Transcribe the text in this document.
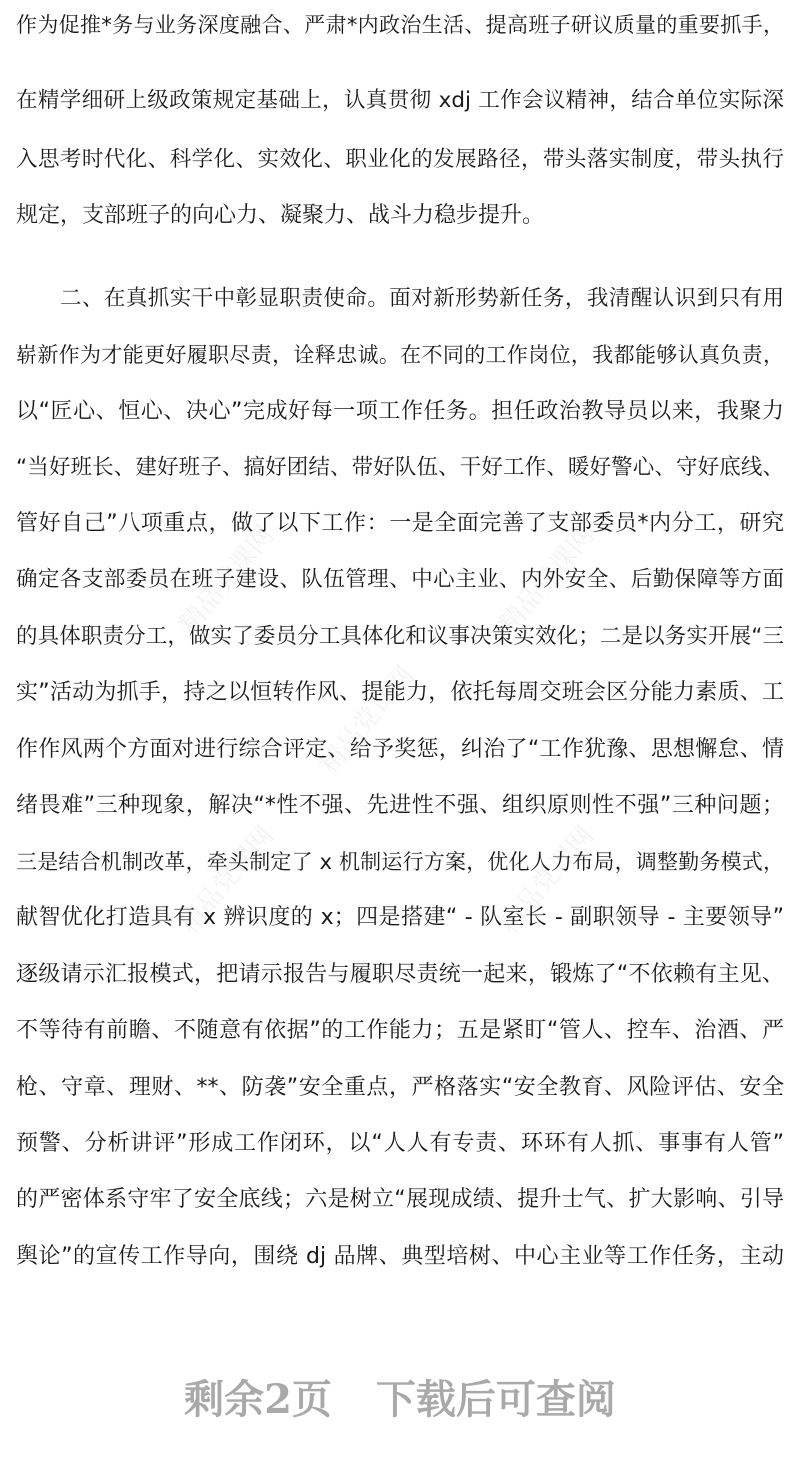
精品党课网	精品党课网
精品党课网
精品党课网	精品党课网
作为促推*务与业务深度融合、严肃*内政治生活、提高班子研议质量的重要抓手，
在精学细研上级政策规定基础上，认真贯彻 xdj 工作会议精神，结合单位实际深
入思考时代化、科学化、实效化、职业化的发展路径，带头落实制度，带头执行
规定，支部班子的向心力、凝聚力、战斗力稳步提升。
二、在真抓实干中彰显职责使命。面对新形势新任务，我清醒认识到只有用
崭新作为才能更好履职尽责，诠释忠诚。在不同的工作岗位，我都能够认真负责，
以“匠心、恒心、决心”完成好每一项工作任务。担任政治教导员以来，我聚力
“当好班长、建好班子、搞好团结、带好队伍、干好工作、暖好警心、守好底线、
管好自己”八项重点，做了以下工作：一是全面完善了支部委员*内分工，研究
确定各支部委员在班子建设、队伍管理、中心主业、内外安全、后勤保障等方面
的具体职责分工，做实了委员分工具体化和议事决策实效化；二是以务实开展“三
实”活动为抓手，持之以恒转作风、提能力，依托每周交班会区分能力素质、工
作作风两个方面对进行综合评定、给予奖惩，纠治了“工作犹豫、思想懈怠、情
绪畏难”三种现象，解决“*性不强、先进性不强、组织原则性不强”三种问题；
三是结合机制改革，牵头制定了 x 机制运行方案，优化人力布局，调整勤务模式，
献智优化打造具有 x 辨识度的 x；四是搭建“ - 队室长 - 副职领导 - 主要领导”
逐级请示汇报模式，把请示报告与履职尽责统一起来，锻炼了“不依赖有主见、
不等待有前瞻、不随意有依据”的工作能力；五是紧盯“管人、控车、治酒、严
枪、守章、理财、**、防袭”安全重点，严格落实“安全教育、风险评估、安全
预警、分析讲评”形成工作闭环，以“人人有专责、环环有人抓、事事有人管”
的严密体系守牢了安全底线；六是树立“展现成绩、提升士气、扩大影响、引导
舆论”的宣传工作导向，围绕 dj 品牌、典型培树、中心主业等工作任务，主动
剩余2页 下载后可查阅
